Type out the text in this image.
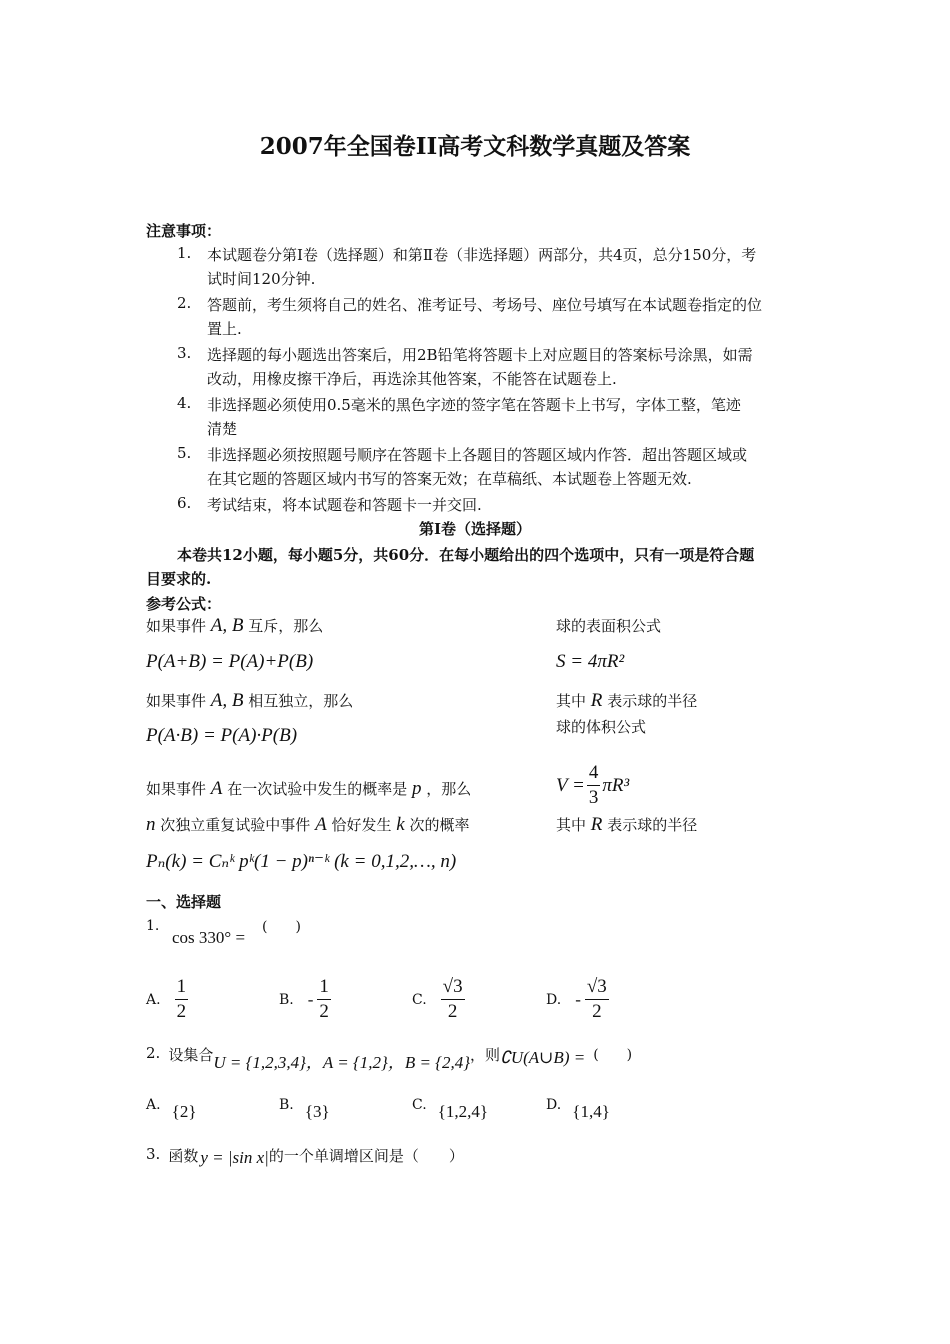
2007年全国卷II高考文科数学真题及答案
注意事项：
1. 本试题卷分第Ⅰ卷（选择题）和第Ⅱ卷（非选择题）两部分，共4页，总分150分，考
试时间120分钟.
2. 答题前，考生须将自己的姓名、准考证号、考场号、座位号填写在本试题卷指定的位
置上.
3. 选择题的每小题选出答案后，用2B铅笔将答题卡上对应题目的答案标号涂黑，如需
改动，用橡皮擦干净后，再选涂其他答案，不能答在试题卷上.
4. 非选择题必须使用0.5毫米的黑色字迹的签字笔在答题卡上书写，字体工整，笔迹
清楚
5. 非选择题必须按照题号顺序在答题卡上各题目的答题区域内作答．超出答题区域或
在其它题的答题区域内书写的答案无效；在草稿纸、本试题卷上答题无效.
6. 考试结束，将本试题卷和答题卡一并交回.
第Ⅰ卷（选择题）
本卷共12小题，每小题5分，共60分．在每小题给出的四个选项中，只有一项是符合题
目要求的.
参考公式：
如果事件 A, B 互斥，那么
P(A+B) = P(A)+P(B)
如果事件 A, B 相互独立，那么
P(A·B) = P(A)·P(B)
如果事件 A 在一次试验中发生的概率是 p ，那么
n 次独立重复试验中事件 A 恰好发生 k 次的概率
Pₙ(k) = Cₙᵏ pᵏ(1 − p)ⁿ⁻ᵏ (k = 0,1,2,…, n)
球的表面积公式
S = 4πR²
其中 R 表示球的半径
球的体积公式
$V = \frac{4}{3} \pi R^3$
其中 R 表示球的半径
一、选择题
1.
cos 330° =
(　　)
A. $\frac{1}{2}$	B. - $\frac{1}{2}$	C. $\frac{√3}{2}$	D. - $\frac{√3}{2}$
2. 设集合 U = {1,2,3,4}，A = {1,2}，B = {2,4} ，则 ∁U(A∪B) = (　　)
A. {2}	B. {3}	C. {1,2,4}	D. {1,4}
3. 函数 y = |sin x| 的一个单调增区间是（　　）
